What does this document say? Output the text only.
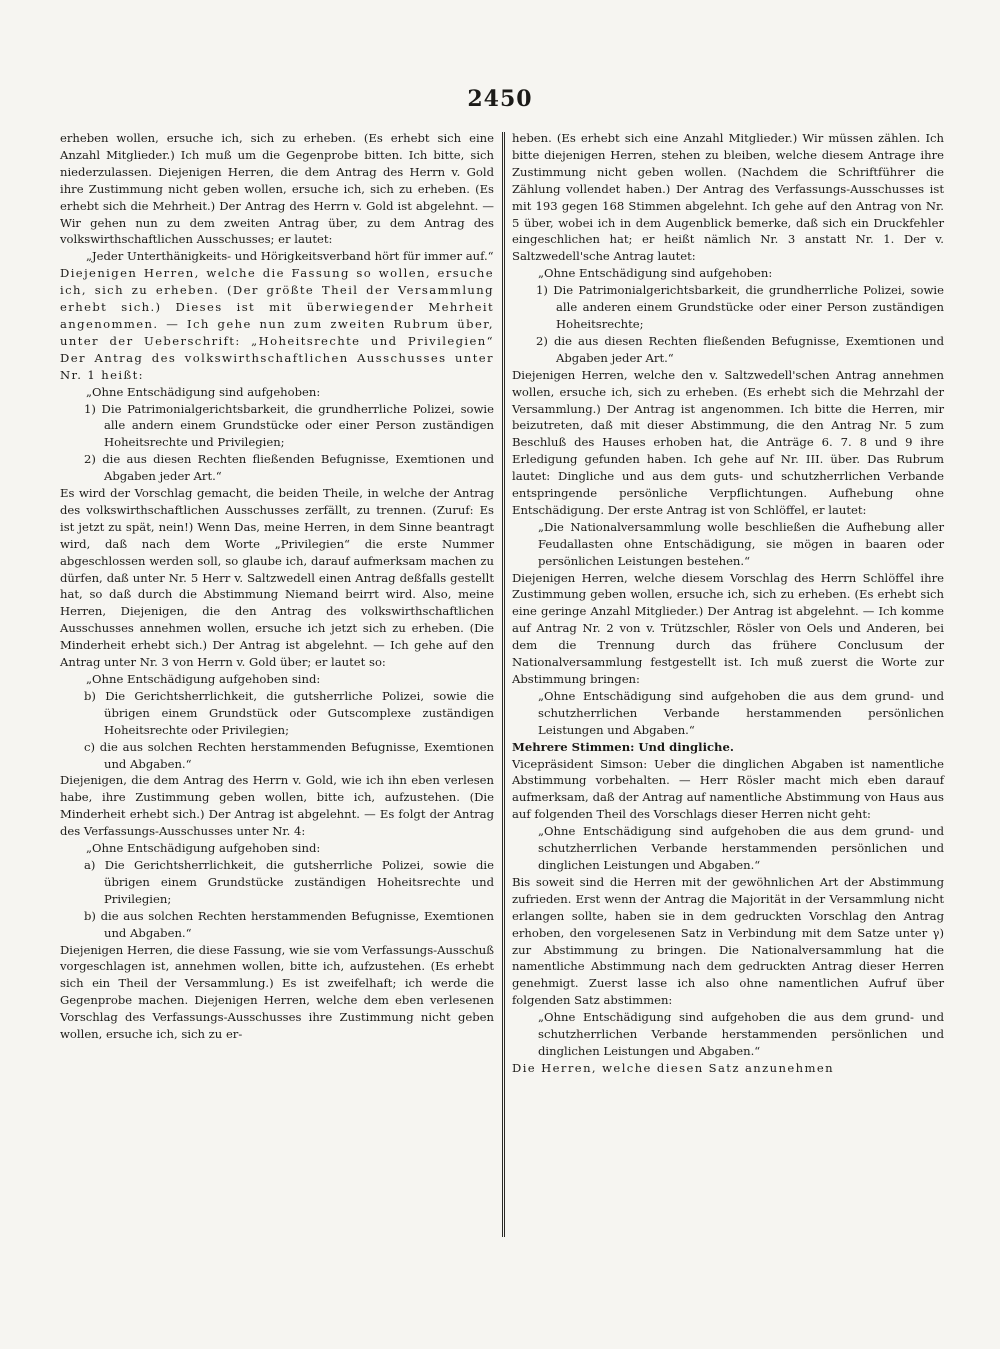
2450

erheben wollen, ersuche ich, sich zu erheben. (Es erhebt sich eine Anzahl Mitglieder.) Ich muß um die Gegenprobe bitten. Ich bitte, sich niederzulassen. Diejenigen Herren, die dem Antrag des Herrn v. Gold ihre Zustimmung nicht geben wollen, ersuche ich, sich zu erheben. (Es erhebt sich die Mehrheit.) Der Antrag des Herrn v. Gold ist abgelehnt. — Wir gehen nun zu dem zweiten Antrag über, zu dem Antrag des volkswirthschaftlichen Ausschusses; er lautet:

„Jeder Unterthänigkeits- und Hörigkeitsverband hört für immer auf.“

Diejenigen Herren, welche die Fassung so wollen, ersuche ich, sich zu erheben. (Der größte Theil der Versammlung erhebt sich.) Dieses ist mit überwiegender Mehrheit angenommen. — Ich gehe nun zum zweiten Rubrum über, unter der Ueberschrift: „Hoheitsrechte und Privilegien“ Der Antrag des volkswirthschaftlichen Ausschusses unter Nr. 1 heißt:

„Ohne Entschädigung sind aufgehoben:

1) Die Patrimonialgerichtsbarkeit, die grundherrliche Polizei, sowie alle andern einem Grundstücke oder einer Person zuständigen Hoheitsrechte und Privilegien;

2) die aus diesen Rechten fließenden Befugnisse, Exemtionen und Abgaben jeder Art.“

Es wird der Vorschlag gemacht, die beiden Theile, in welche der Antrag des volkswirthschaftlichen Ausschusses zerfällt, zu trennen. (Zuruf: Es ist jetzt zu spät, nein!) Wenn Das, meine Herren, in dem Sinne beantragt wird, daß nach dem Worte „Privilegien“ die erste Nummer abgeschlossen werden soll, so glaube ich, darauf aufmerksam machen zu dürfen, daß unter Nr. 5 Herr v. Saltzwedell einen Antrag deßfalls gestellt hat, so daß durch die Abstimmung Niemand beirrt wird. Also, meine Herren, Diejenigen, die den Antrag des volkswirthschaftlichen Ausschusses annehmen wollen, ersuche ich jetzt sich zu erheben. (Die Minderheit erhebt sich.) Der Antrag ist abgelehnt. — Ich gehe auf den Antrag unter Nr. 3 von Herrn v. Gold über; er lautet so:

„Ohne Entschädigung aufgehoben sind:

b) Die Gerichtsherrlichkeit, die gutsherrliche Polizei, sowie die übrigen einem Grundstück oder Gutscomplexe zuständigen Hoheitsrechte oder Privilegien;

c) die aus solchen Rechten herstammenden Befugnisse, Exemtionen und Abgaben.“

Diejenigen, die dem Antrag des Herrn v. Gold, wie ich ihn eben verlesen habe, ihre Zustimmung geben wollen, bitte ich, aufzustehen. (Die Minderheit erhebt sich.) Der Antrag ist abgelehnt. — Es folgt der Antrag des Verfassungs-Ausschusses unter Nr. 4:

„Ohne Entschädigung aufgehoben sind:

a) Die Gerichtsherrlichkeit, die gutsherrliche Polizei, sowie die übrigen einem Grundstücke zuständigen Hoheitsrechte und Privilegien;

b) die aus solchen Rechten herstammenden Befugnisse, Exemtionen und Abgaben.“

Diejenigen Herren, die diese Fassung, wie sie vom Verfassungs-Ausschuß vorgeschlagen ist, annehmen wollen, bitte ich, aufzustehen. (Es erhebt sich ein Theil der Versammlung.) Es ist zweifelhaft; ich werde die Gegenprobe machen. Diejenigen Herren, welche dem eben verlesenen Vorschlag des Verfassungs-Ausschusses ihre Zustimmung nicht geben wollen, ersuche ich, sich zu er-

heben. (Es erhebt sich eine Anzahl Mitglieder.) Wir müssen zählen. Ich bitte diejenigen Herren, stehen zu bleiben, welche diesem Antrage ihre Zustimmung nicht geben wollen. (Nachdem die Schriftführer die Zählung vollendet haben.) Der Antrag des Verfassungs-Ausschusses ist mit 193 gegen 168 Stimmen abgelehnt. Ich gehe auf den Antrag von Nr. 5 über, wobei ich in dem Augenblick bemerke, daß sich ein Druckfehler eingeschlichen hat; er heißt nämlich Nr. 3 anstatt Nr. 1. Der v. Saltzwedell'sche Antrag lautet:

„Ohne Entschädigung sind aufgehoben:

1) Die Patrimonialgerichtsbarkeit, die grundherrliche Polizei, sowie alle anderen einem Grundstücke oder einer Person zuständigen Hoheitsrechte;

2) die aus diesen Rechten fließenden Befugnisse, Exemtionen und Abgaben jeder Art.“

Diejenigen Herren, welche den v. Saltzwedell'schen Antrag annehmen wollen, ersuche ich, sich zu erheben. (Es erhebt sich die Mehrzahl der Versammlung.) Der Antrag ist angenommen. Ich bitte die Herren, mir beizutreten, daß mit dieser Abstimmung, die den Antrag Nr. 5 zum Beschluß des Hauses erhoben hat, die Anträge 6. 7. 8 und 9 ihre Erledigung gefunden haben. Ich gehe auf Nr. III. über. Das Rubrum lautet: Dingliche und aus dem guts- und schutzherrlichen Verbande entspringende persönliche Verpflichtungen. Aufhebung ohne Entschädigung. Der erste Antrag ist von Schlöffel, er lautet:

„Die Nationalversammlung wolle beschließen die Aufhebung aller Feudallasten ohne Entschädigung, sie mögen in baaren oder persönlichen Leistungen bestehen.“

Diejenigen Herren, welche diesem Vorschlag des Herrn Schlöffel ihre Zustimmung geben wollen, ersuche ich, sich zu erheben. (Es erhebt sich eine geringe Anzahl Mitglieder.) Der Antrag ist abgelehnt. — Ich komme auf Antrag Nr. 2 von v. Trützschler, Rösler von Oels und Anderen, bei dem die Trennung durch das frühere Conclusum der Nationalversammlung festgestellt ist. Ich muß zuerst die Worte zur Abstimmung bringen:

„Ohne Entschädigung sind aufgehoben die aus dem grund- und schutzherrlichen Verbande herstammenden persönlichen Leistungen und Abgaben.“

Mehrere Stimmen: Und dingliche.

Vicepräsident Simson: Ueber die dinglichen Abgaben ist namentliche Abstimmung vorbehalten. — Herr Rösler macht mich eben darauf aufmerksam, daß der Antrag auf namentliche Abstimmung von Haus aus auf folgenden Theil des Vorschlags dieser Herren nicht geht:

„Ohne Entschädigung sind aufgehoben die aus dem grund- und schutzherrlichen Verbande herstammenden persönlichen und dinglichen Leistungen und Abgaben.“

Bis soweit sind die Herren mit der gewöhnlichen Art der Abstimmung zufrieden. Erst wenn der Antrag die Majorität in der Versammlung nicht erlangen sollte, haben sie in dem gedruckten Vorschlag den Antrag erhoben, den vorgelesenen Satz in Verbindung mit dem Satze unter γ) zur Abstimmung zu bringen. Die Nationalversammlung hat die namentliche Abstimmung nach dem gedruckten Antrag dieser Herren genehmigt. Zuerst lasse ich also ohne namentlichen Aufruf über folgenden Satz abstimmen:

„Ohne Entschädigung sind aufgehoben die aus dem grund- und schutzherrlichen Verbande herstammenden persönlichen und dinglichen Leistungen und Abgaben.“

Die Herren, welche diesen Satz anzunehmen
